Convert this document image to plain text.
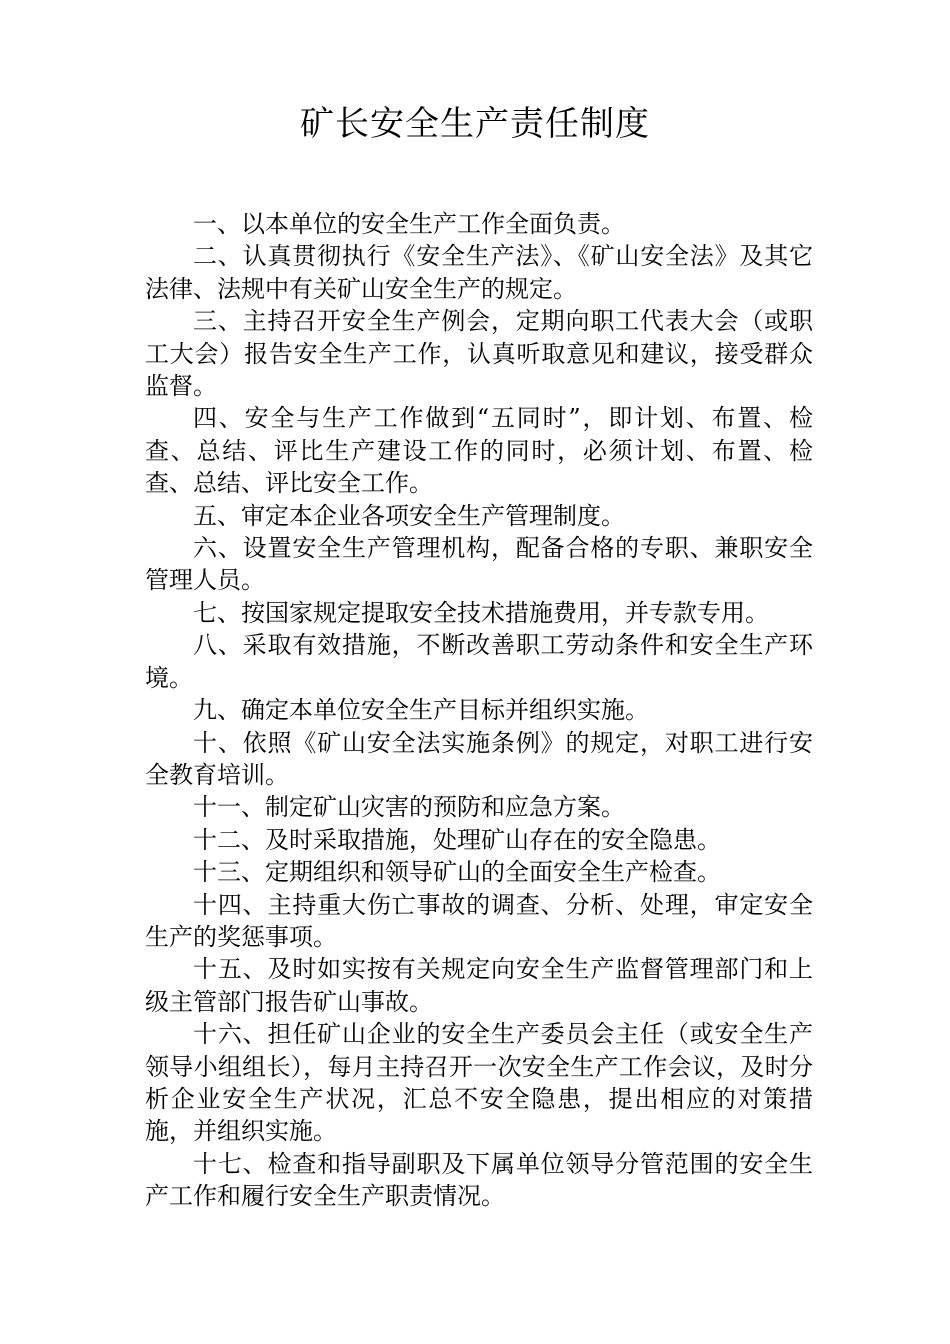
矿长安全生产责任制度

一、以本单位的安全生产工作全面负责。

二、认真贯彻执行《安全生产法》、《矿山安全法》及其它法律、法规中有关矿山安全生产的规定。

三、主持召开安全生产例会，定期向职工代表大会（或职工大会）报告安全生产工作，认真听取意见和建议，接受群众监督。

四、安全与生产工作做到“五同时”，即计划、布置、检查、总结、评比生产建设工作的同时，必须计划、布置、检查、总结、评比安全工作。

五、审定本企业各项安全生产管理制度。

六、设置安全生产管理机构，配备合格的专职、兼职安全管理人员。

七、按国家规定提取安全技术措施费用，并专款专用。

八、采取有效措施，不断改善职工劳动条件和安全生产环境。

九、确定本单位安全生产目标并组织实施。

十、依照《矿山安全法实施条例》的规定，对职工进行安全教育培训。

十一、制定矿山灾害的预防和应急方案。

十二、及时采取措施，处理矿山存在的安全隐患。

十三、定期组织和领导矿山的全面安全生产检查。

十四、主持重大伤亡事故的调查、分析、处理，审定安全生产的奖惩事项。

十五、及时如实按有关规定向安全生产监督管理部门和上级主管部门报告矿山事故。

十六、担任矿山企业的安全生产委员会主任（或安全生产领导小组组长），每月主持召开一次安全生产工作会议，及时分析企业安全生产状况，汇总不安全隐患，提出相应的对策措施，并组织实施。

十七、检查和指导副职及下属单位领导分管范围的安全生产工作和履行安全生产职责情况。
